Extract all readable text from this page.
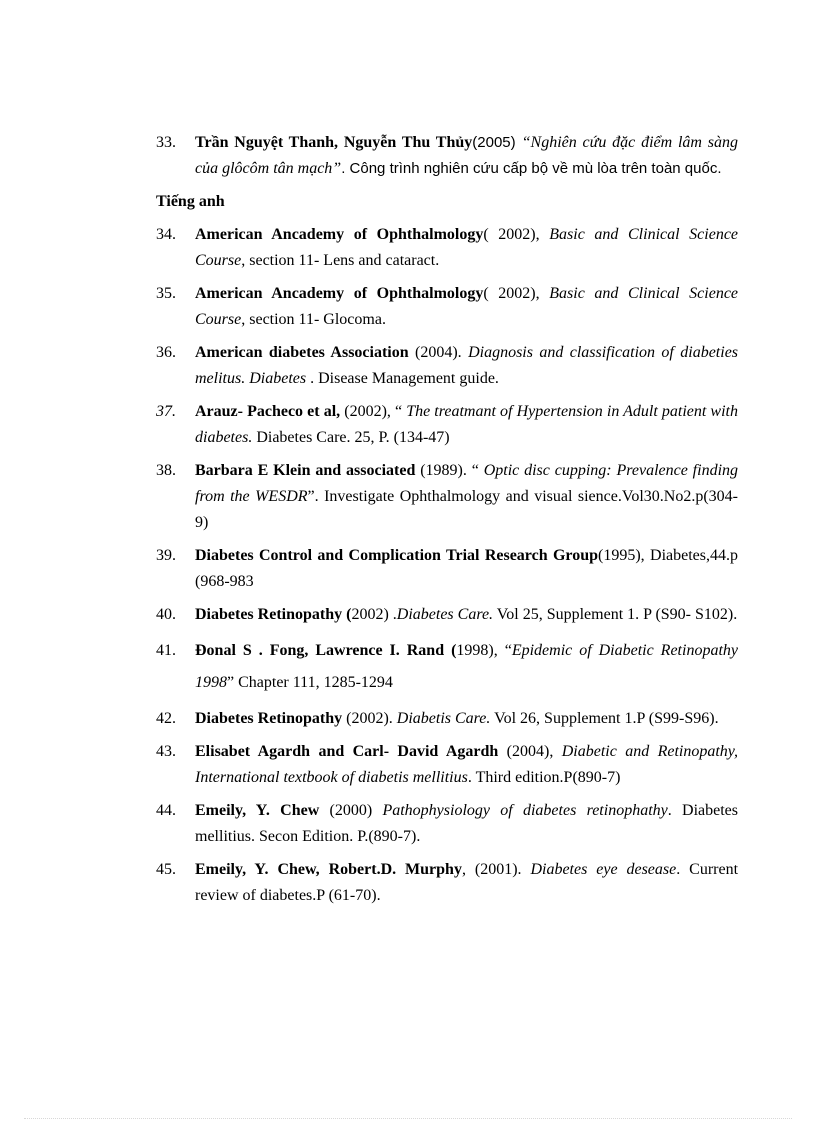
33. Trần Nguyệt Thanh, Nguyễn Thu Thủy(2005) “Nghiên cứu đặc điểm lâm sàng của glôcôm tân mạch”. Công trình nghiên cứu cấp bộ về mù lòa trên toàn quốc.
Tiếng anh
34. American Ancademy of Ophthalmology( 2002), Basic and Clinical Science Course, section 11- Lens and cataract.
35. American Ancademy of Ophthalmology( 2002), Basic and Clinical Science Course, section 11- Glocoma.
36. American diabetes Association (2004). Diagnosis and classification of diabeties melitus. Diabetes . Disease Management guide.
37. Arauz- Pacheco et al, (2002), “ The treatmant of Hypertension in Adult patient with diabetes. Diabetes Care. 25, P. (134-47)
38. Barbara E Klein and associated (1989). “ Optic disc cupping: Prevalence finding from the WESDR”. Investigate Ophthalmology and visual sience.Vol30.No2.p(304-9)
39. Diabetes Control and Complication Trial Research Group(1995), Diabetes,44.p (968-983
40. Diabetes Retinopathy (2002) .Diabetes Care. Vol 25, Supplement 1. P (S90- S102).
41. Đonal S . Fong, Lawrence I. Rand (1998), “Epidemic of Diabetic Retinopathy 1998” Chapter 111, 1285-1294
42. Diabetes Retinopathy (2002). Diabetis Care. Vol 26, Supplement 1.P (S99-S96).
43. Elisabet Agardh and Carl- David Agardh (2004), Diabetic and Retinopathy, International textbook of diabetis mellitius. Third edition.P(890-7)
44. Emeily, Y. Chew (2000) Pathophysiology of diabetes retinophathy. Diabetes mellitius. Secon Edition. P.(890-7).
45. Emeily, Y. Chew, Robert.D. Murphy, (2001). Diabetes eye desease. Current review of diabetes.P (61-70).
